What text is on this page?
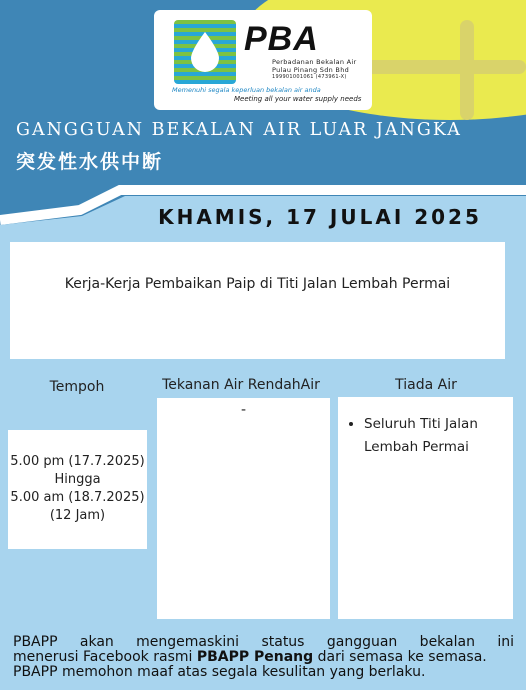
PBA
Perbadanan Bekalan Air
Pulau Pinang Sdn Bhd
199901001061 (473961-X)
Memenuhi segala keperluan bekalan air anda
Meeting all your water supply needs
GANGGUAN BEKALAN AIR LUAR JANGKA
突发性水供中断
KHAMIS, 17 JULAI 2025
Kerja-Kerja Pembaikan Paip di Titi Jalan Lembah Permai
Tempoh	Tekanan Air RendahAir	Tiada Air
5.00 pm (17.7.2025)
Hingga
5.00 am (18.7.2025)
(12 Jam)
-
• Seluruh Titi Jalan Lembah Permai
PBAPP akan mengemaskini status gangguan bekalan ini
menerusi Facebook rasmi PBAPP Penang dari semasa ke semasa.
PBAPP memohon maaf atas segala kesulitan yang berlaku.
